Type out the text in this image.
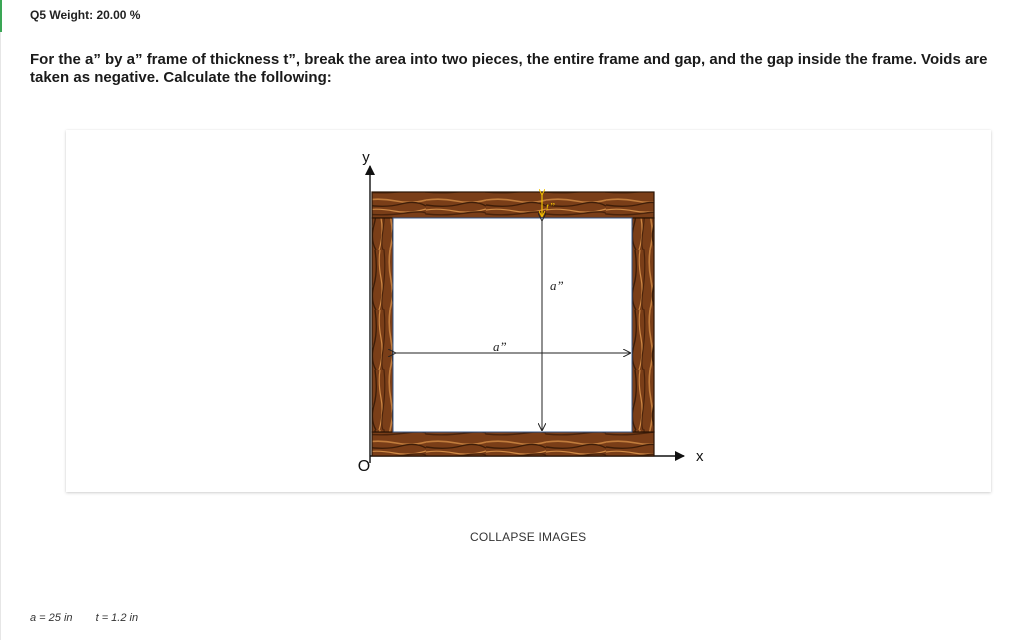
Q5 Weight: 20.00 %
For the a” by a” frame of thickness t”, break the area into two pieces, the entire frame and gap, and the gap inside the frame. Voids are taken as negative. Calculate the following:
y
x
O
a”
a”
t”
COLLAPSE IMAGES
a = 25 in t = 1.2 in
